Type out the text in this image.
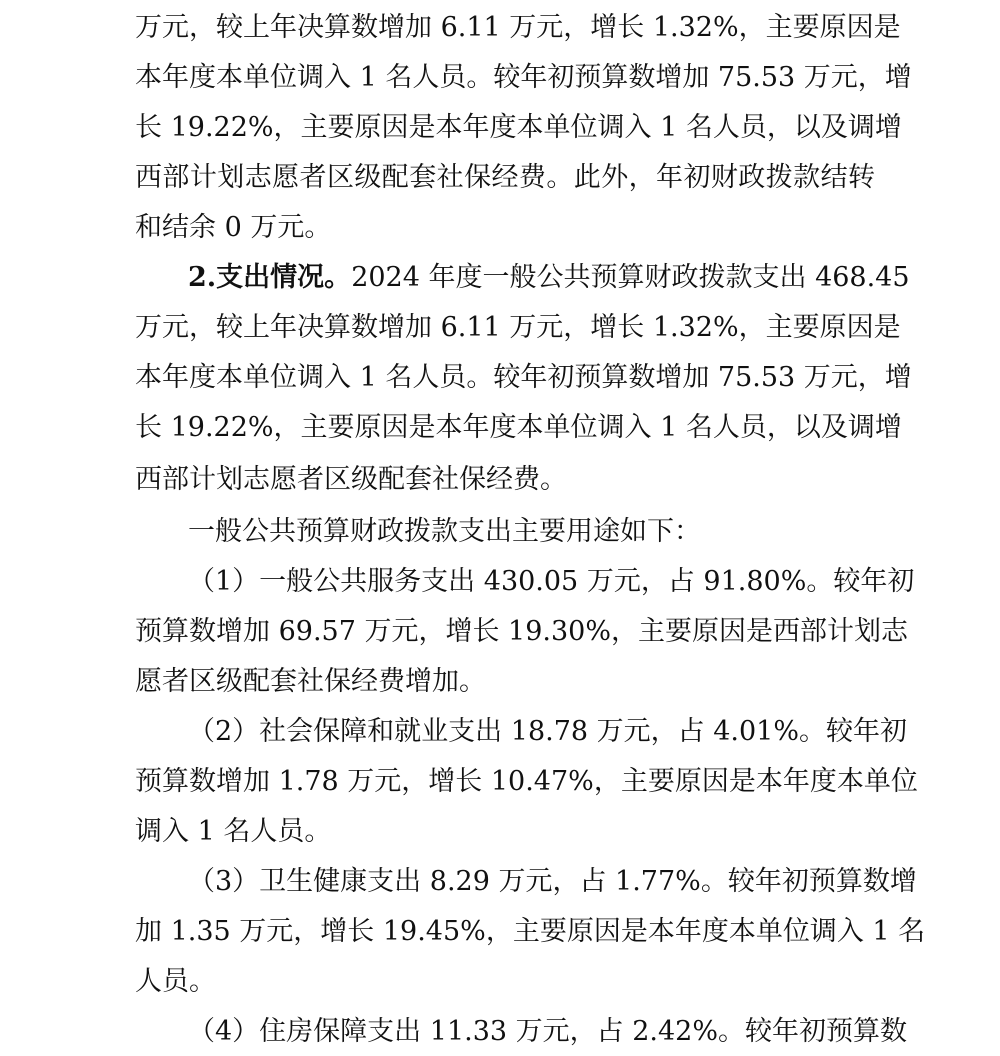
万元，较上年决算数增加 6.11 万元，增长 1.32%，主要原因是
本年度本单位调入 1 名人员。较年初预算数增加 75.53 万元，增
长 19.22%，主要原因是本年度本单位调入 1 名人员，以及调增
西部计划志愿者区级配套社保经费。此外，年初财政拨款结转
和结余 0 万元。
2.支出情况。2024 年度一般公共预算财政拨款支出 468.45
万元，较上年决算数增加 6.11 万元，增长 1.32%，主要原因是
本年度本单位调入 1 名人员。较年初预算数增加 75.53 万元，增
长 19.22%，主要原因是本年度本单位调入 1 名人员，以及调增
西部计划志愿者区级配套社保经费。
一般公共预算财政拨款支出主要用途如下：
（1）一般公共服务支出 430.05 万元，占 91.80%。较年初
预算数增加 69.57 万元，增长 19.30%，主要原因是西部计划志
愿者区级配套社保经费增加。
（2）社会保障和就业支出 18.78 万元，占 4.01%。较年初
预算数增加 1.78 万元，增长 10.47%，主要原因是本年度本单位
调入 1 名人员。
（3）卫生健康支出 8.29 万元，占 1.77%。较年初预算数增
加 1.35 万元，增长 19.45%，主要原因是本年度本单位调入 1 名
人员。
（4）住房保障支出 11.33 万元，占 2.42%。较年初预算数
